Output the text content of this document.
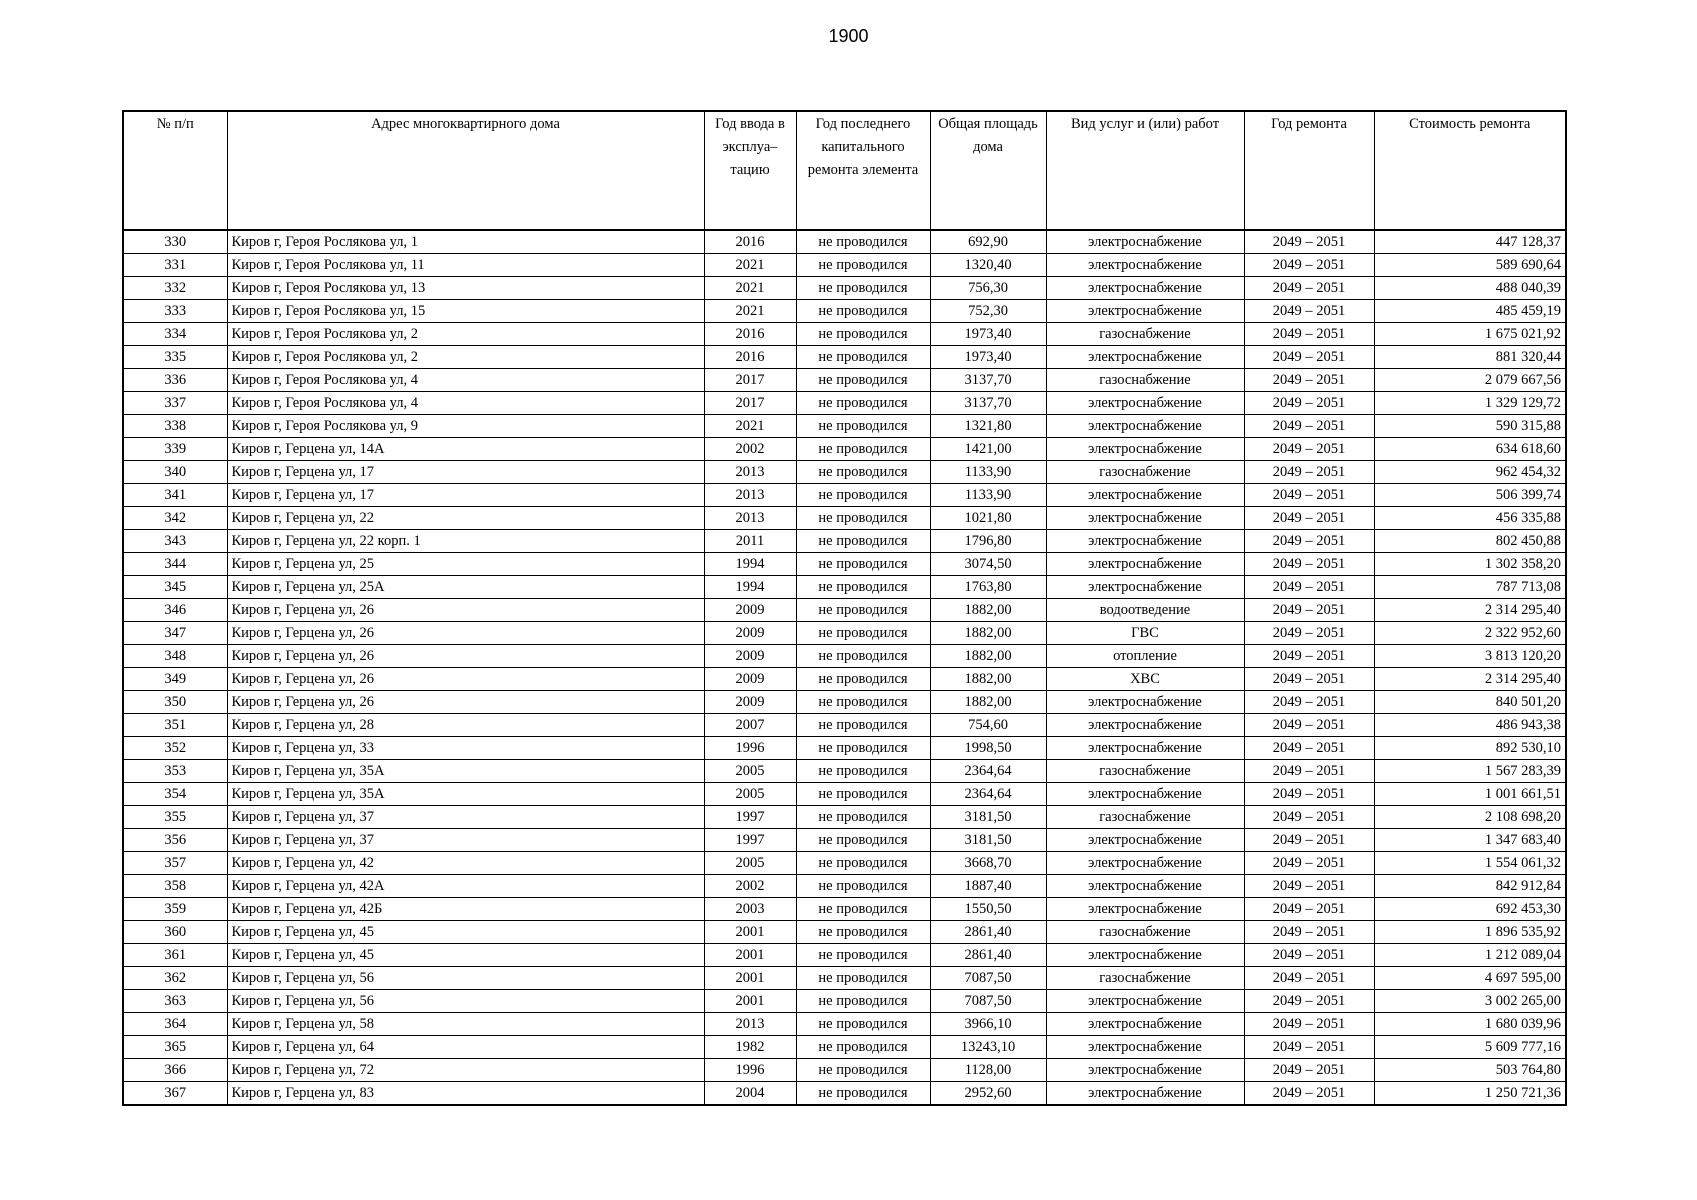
1900
№ п/п	Адрес многоквартирного дома	Год ввода в эксплуа–тацию	Год последнего капитального ремонта элемента	Общая площадь дома	Вид услуг и (или) работ	Год ремонта	Стоимость ремонта
330	Киров г, Героя Рослякова ул, 1	2016	не проводился	692,90	электроснабжение	2049 – 2051	447 128,37
331	Киров г, Героя Рослякова ул, 11	2021	не проводился	1320,40	электроснабжение	2049 – 2051	589 690,64
332	Киров г, Героя Рослякова ул, 13	2021	не проводился	756,30	электроснабжение	2049 – 2051	488 040,39
333	Киров г, Героя Рослякова ул, 15	2021	не проводился	752,30	электроснабжение	2049 – 2051	485 459,19
334	Киров г, Героя Рослякова ул, 2	2016	не проводился	1973,40	газоснабжение	2049 – 2051	1 675 021,92
335	Киров г, Героя Рослякова ул, 2	2016	не проводился	1973,40	электроснабжение	2049 – 2051	881 320,44
336	Киров г, Героя Рослякова ул, 4	2017	не проводился	3137,70	газоснабжение	2049 – 2051	2 079 667,56
337	Киров г, Героя Рослякова ул, 4	2017	не проводился	3137,70	электроснабжение	2049 – 2051	1 329 129,72
338	Киров г, Героя Рослякова ул, 9	2021	не проводился	1321,80	электроснабжение	2049 – 2051	590 315,88
339	Киров г, Герцена ул, 14А	2002	не проводился	1421,00	электроснабжение	2049 – 2051	634 618,60
340	Киров г, Герцена ул, 17	2013	не проводился	1133,90	газоснабжение	2049 – 2051	962 454,32
341	Киров г, Герцена ул, 17	2013	не проводился	1133,90	электроснабжение	2049 – 2051	506 399,74
342	Киров г, Герцена ул, 22	2013	не проводился	1021,80	электроснабжение	2049 – 2051	456 335,88
343	Киров г, Герцена ул, 22 корп. 1	2011	не проводился	1796,80	электроснабжение	2049 – 2051	802 450,88
344	Киров г, Герцена ул, 25	1994	не проводился	3074,50	электроснабжение	2049 – 2051	1 302 358,20
345	Киров г, Герцена ул, 25А	1994	не проводился	1763,80	электроснабжение	2049 – 2051	787 713,08
346	Киров г, Герцена ул, 26	2009	не проводился	1882,00	водоотведение	2049 – 2051	2 314 295,40
347	Киров г, Герцена ул, 26	2009	не проводился	1882,00	ГВС	2049 – 2051	2 322 952,60
348	Киров г, Герцена ул, 26	2009	не проводился	1882,00	отопление	2049 – 2051	3 813 120,20
349	Киров г, Герцена ул, 26	2009	не проводился	1882,00	ХВС	2049 – 2051	2 314 295,40
350	Киров г, Герцена ул, 26	2009	не проводился	1882,00	электроснабжение	2049 – 2051	840 501,20
351	Киров г, Герцена ул, 28	2007	не проводился	754,60	электроснабжение	2049 – 2051	486 943,38
352	Киров г, Герцена ул, 33	1996	не проводился	1998,50	электроснабжение	2049 – 2051	892 530,10
353	Киров г, Герцена ул, 35А	2005	не проводился	2364,64	газоснабжение	2049 – 2051	1 567 283,39
354	Киров г, Герцена ул, 35А	2005	не проводился	2364,64	электроснабжение	2049 – 2051	1 001 661,51
355	Киров г, Герцена ул, 37	1997	не проводился	3181,50	газоснабжение	2049 – 2051	2 108 698,20
356	Киров г, Герцена ул, 37	1997	не проводился	3181,50	электроснабжение	2049 – 2051	1 347 683,40
357	Киров г, Герцена ул, 42	2005	не проводился	3668,70	электроснабжение	2049 – 2051	1 554 061,32
358	Киров г, Герцена ул, 42А	2002	не проводился	1887,40	электроснабжение	2049 – 2051	842 912,84
359	Киров г, Герцена ул, 42Б	2003	не проводился	1550,50	электроснабжение	2049 – 2051	692 453,30
360	Киров г, Герцена ул, 45	2001	не проводился	2861,40	газоснабжение	2049 – 2051	1 896 535,92
361	Киров г, Герцена ул, 45	2001	не проводился	2861,40	электроснабжение	2049 – 2051	1 212 089,04
362	Киров г, Герцена ул, 56	2001	не проводился	7087,50	газоснабжение	2049 – 2051	4 697 595,00
363	Киров г, Герцена ул, 56	2001	не проводился	7087,50	электроснабжение	2049 – 2051	3 002 265,00
364	Киров г, Герцена ул, 58	2013	не проводился	3966,10	электроснабжение	2049 – 2051	1 680 039,96
365	Киров г, Герцена ул, 64	1982	не проводился	13243,10	электроснабжение	2049 – 2051	5 609 777,16
366	Киров г, Герцена ул, 72	1996	не проводился	1128,00	электроснабжение	2049 – 2051	503 764,80
367	Киров г, Герцена ул, 83	2004	не проводился	2952,60	электроснабжение	2049 – 2051	1 250 721,36
